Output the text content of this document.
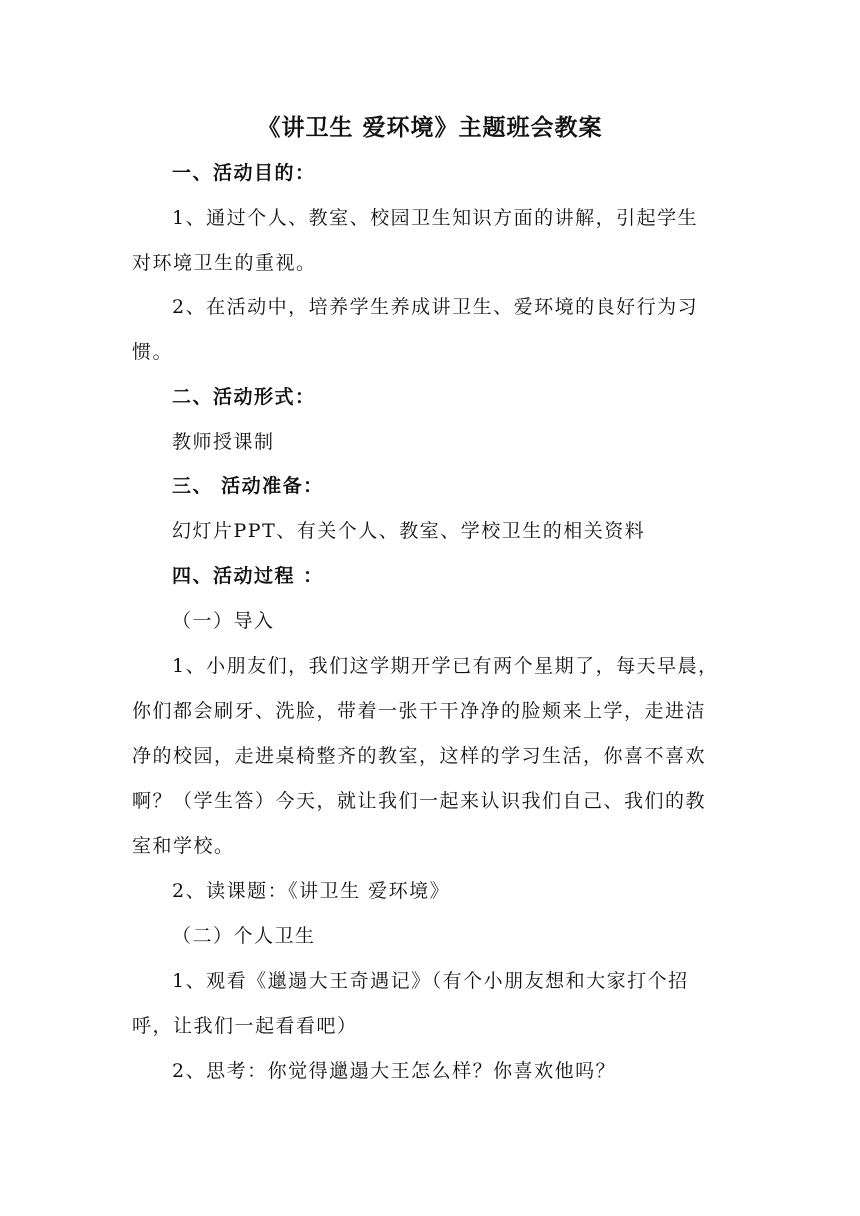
《讲卫生 爱环境》主题班会教案
一、活动目的：
1、通过个人、教室、校园卫生知识方面的讲解，引起学生
对环境卫生的重视。
2、在活动中，培养学生养成讲卫生、爱环境的良好行为习
惯。
二、活动形式：
教师授课制
三、 活动准备：
幻灯片PPT、有关个人、教室、学校卫生的相关资料
四、活动过程 ：
（一）导入
1、小朋友们，我们这学期开学已有两个星期了，每天早晨，
你们都会刷牙、洗脸，带着一张干干净净的脸颊来上学，走进洁
净的校园，走进桌椅整齐的教室，这样的学习生活，你喜不喜欢
啊？（学生答）今天，就让我们一起来认识我们自己、我们的教
室和学校。
2、读课题：《讲卫生 爱环境》
（二）个人卫生
1、观看《邋遢大王奇遇记》（有个小朋友想和大家打个招
呼，让我们一起看看吧）
2、思考：你觉得邋遢大王怎么样？你喜欢他吗？
